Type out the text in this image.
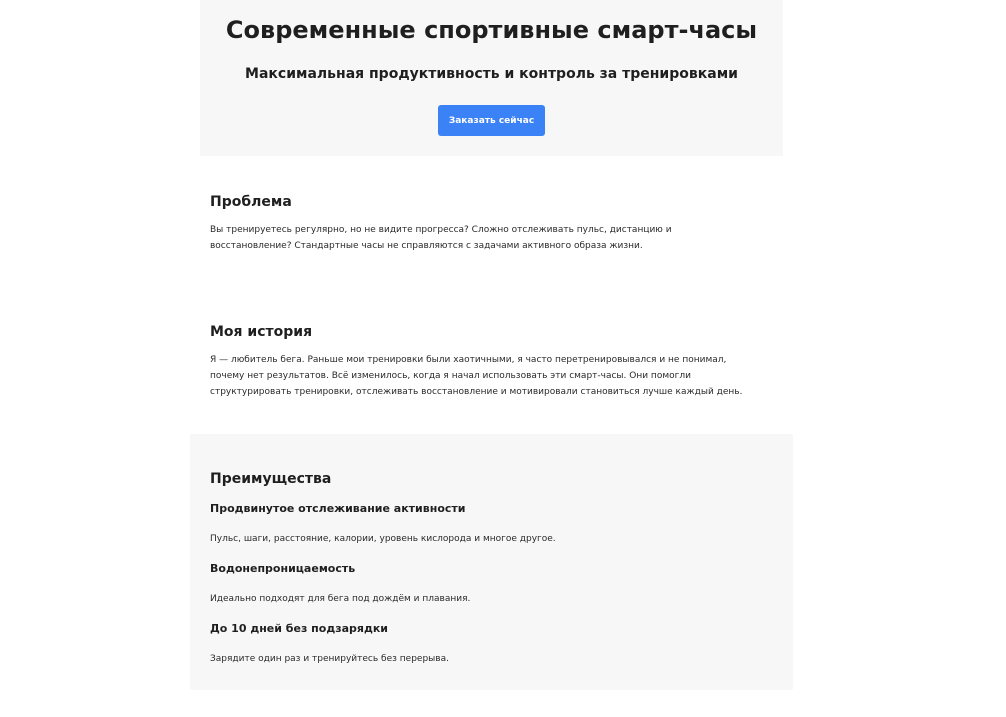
Современные спортивные смарт-часы
Максимальная продуктивность и контроль за тренировками
Заказать сейчас
Проблема

Вы тренируетесь регулярно, но не видите прогресса? Сложно отслеживать пульс, дистанцию и восстановление? Стандартные часы не справляются с задачами активного образа жизни.

Моя история

Я — любитель бега. Раньше мои тренировки были хаотичными, я часто перетренировывался и не понимал, почему нет результатов. Всё изменилось, когда я начал использовать эти смарт-часы. Они помогли структурировать тренировки, отслеживать восстановление и мотивировали становиться лучше каждый день.

Преимущества
Продвинутое отслеживание активности

Пульс, шаги, расстояние, калории, уровень кислорода и многое другое.

Водонепроницаемость

Идеально подходят для бега под дождём и плавания.

До 10 дней без подзарядки

Зарядите один раз и тренируйтесь без перерыва.
